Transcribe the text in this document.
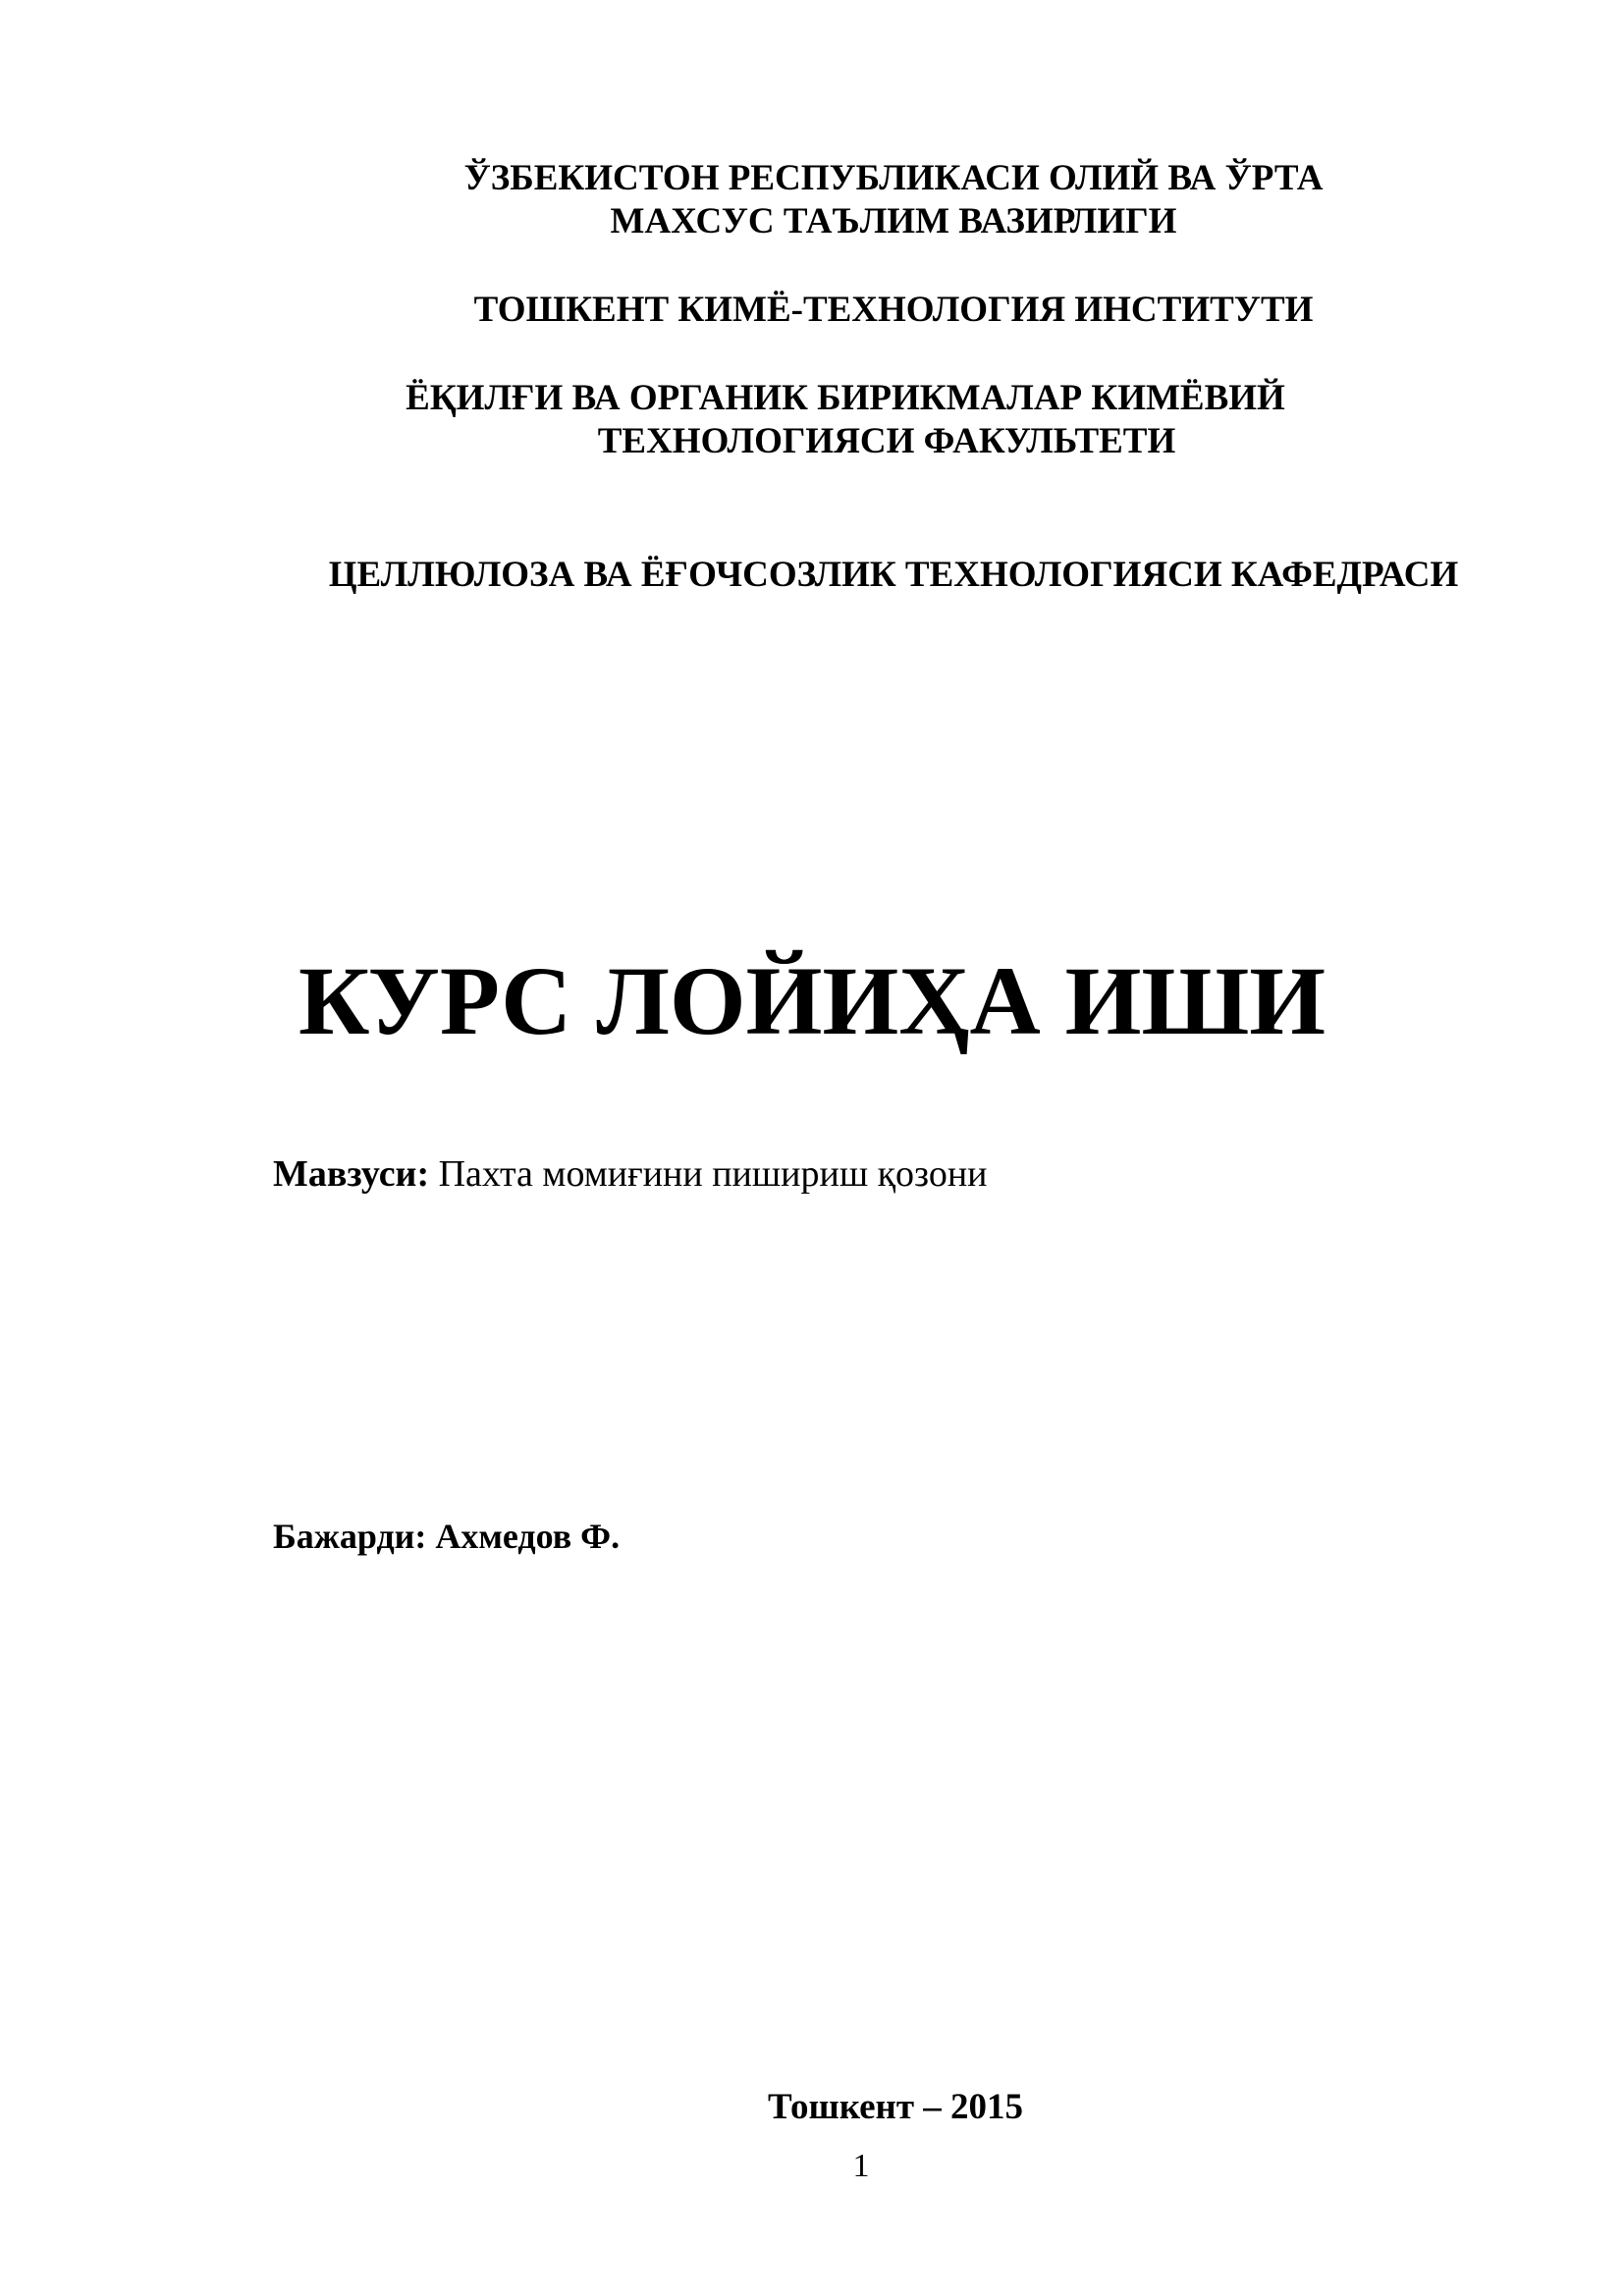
ЎЗБЕКИСТОН РЕСПУБЛИКАСИ ОЛИЙ ВА ЎРТА
МАХСУС ТАЪЛИМ ВАЗИРЛИГИ
ТОШКЕНТ КИМЁ-ТЕХНОЛОГИЯ ИНСТИТУТИ
ЁҚИЛҒИ ВА ОРГАНИК БИРИКМАЛАР КИМЁВИЙ
ТЕХНОЛОГИЯСИ ФАКУЛЬТЕТИ
ЦЕЛЛЮЛОЗА ВА ЁҒОЧСОЗЛИК ТЕХНОЛОГИЯСИ КАФЕДРАСИ
КУРС ЛОЙИҲА ИШИ
Мавзуси: Пахта момиғини пишириш қозони
Бажарди: Ахмедов Ф.
Тошкент – 2015
1
